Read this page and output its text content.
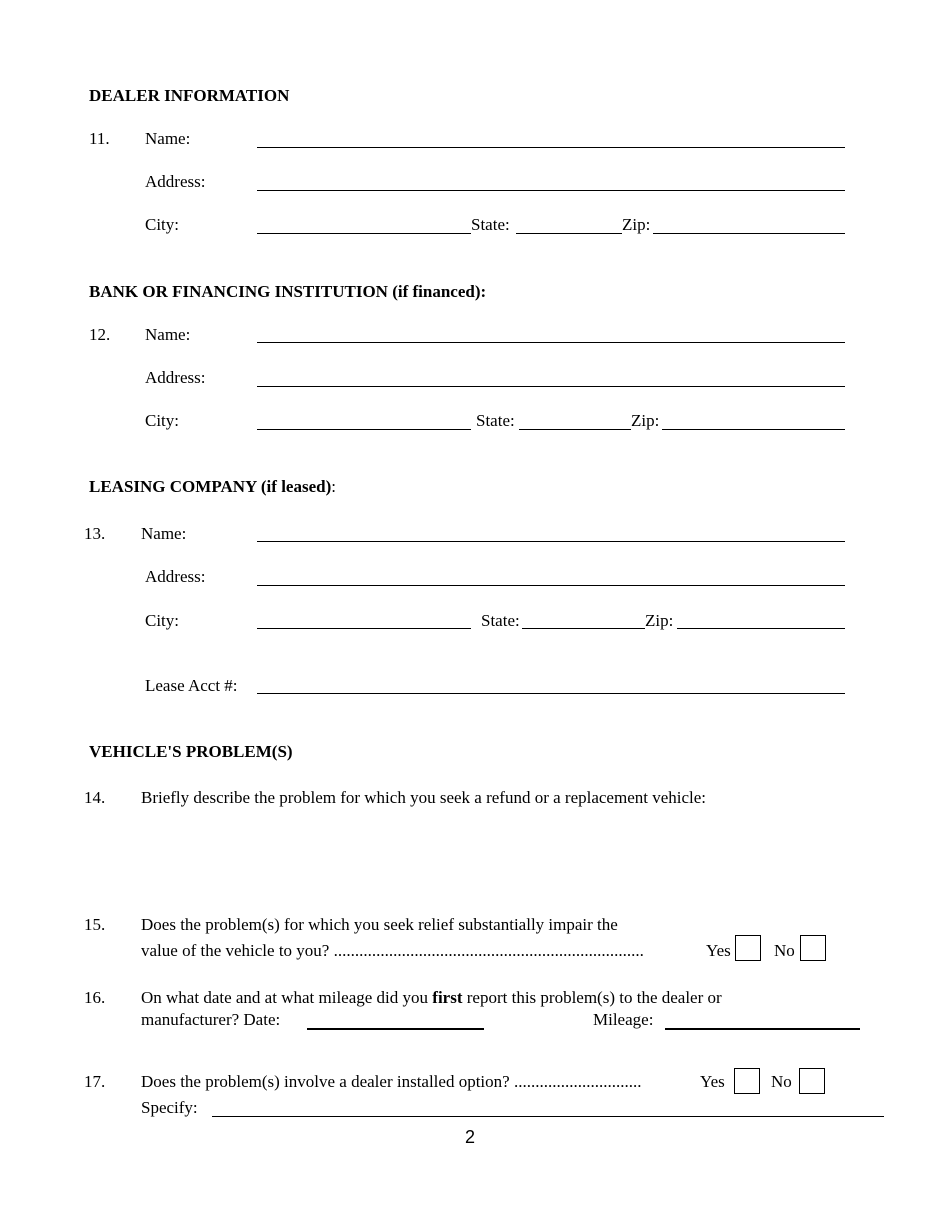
DEALER INFORMATION
11. Name:
Address:
City:	State:	Zip:
BANK OR FINANCING INSTITUTION (if financed):
12. Name:
Address:
City:	State:	Zip:
LEASING COMPANY (if leased):
13. Name:
Address:
City:	State:	Zip:
Lease Acct #:
VEHICLE'S PROBLEM(S)
14. Briefly describe the problem for which you seek a refund or a replacement vehicle:
15. Does the problem(s) for which you seek relief substantially impair the
value of the vehicle to you? .........................................................................	Yes	No
16. On what date and at what mileage did you first report this problem(s) to the dealer or
manufacturer? Date:	Mileage:
17. Does the problem(s) involve a dealer installed option? ..............................	Yes	No
Specify:
2
